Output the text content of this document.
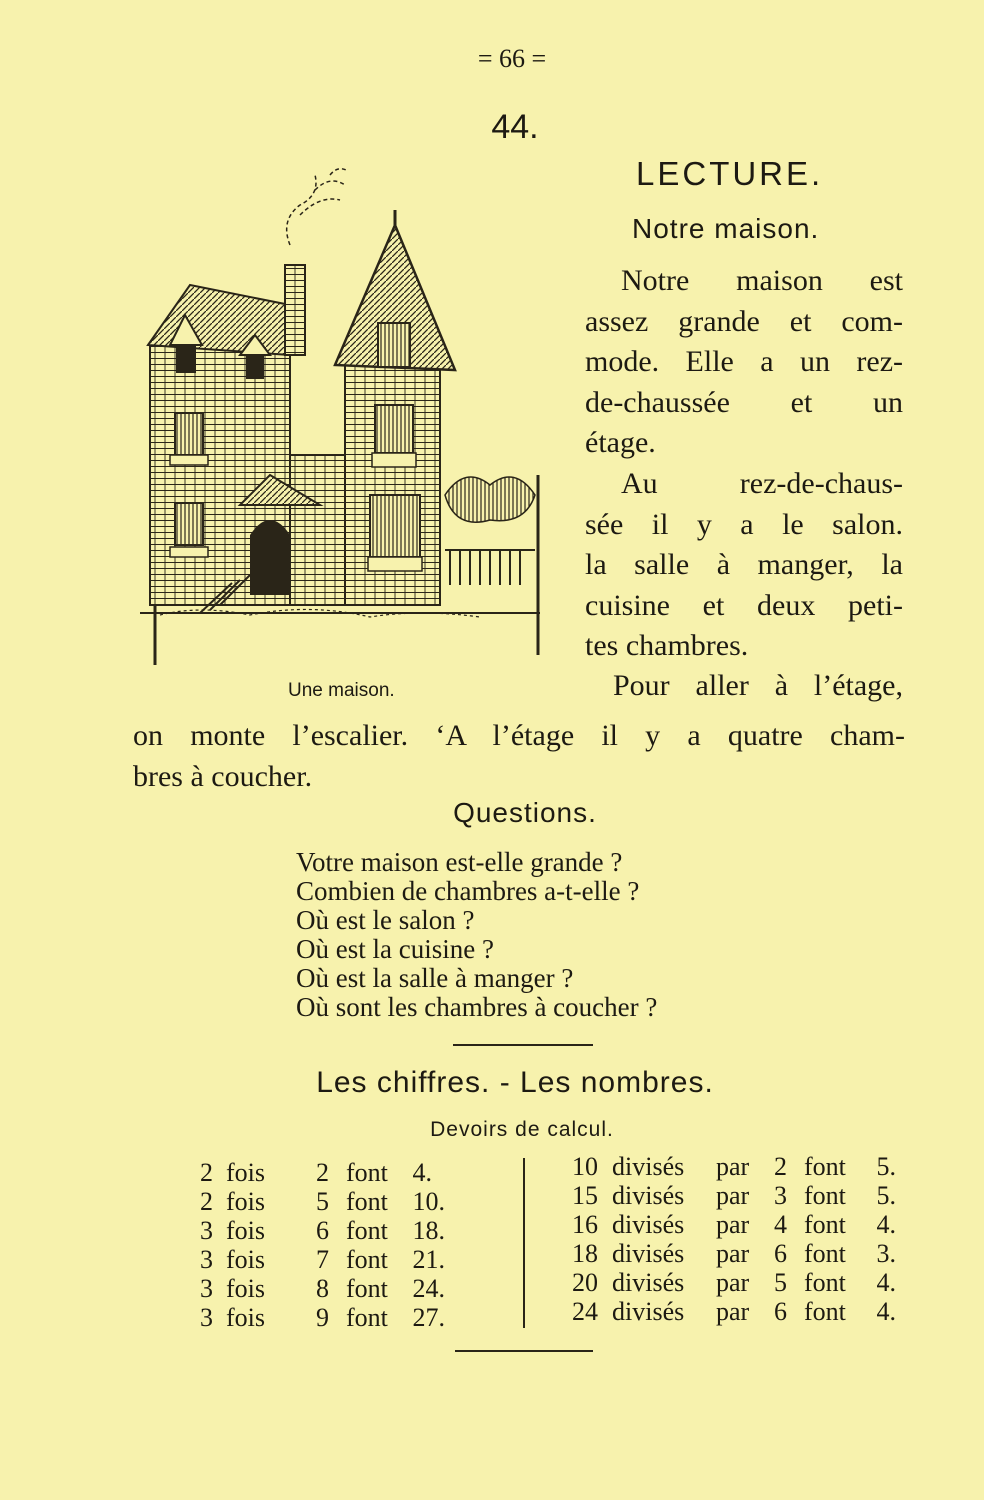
= 66 =
44.
Une maison.
LECTURE.
Notre maison.
Notre maison est
assez grande et com-
mode. Elle a un rez-
de-chaussée et un
étage.
Au rez-de-chaus-
sée il y a le salon.
la salle à manger, la
cuisine et deux peti-
tes chambres.
Pour aller à l’étage,
on monte l’escalier. ‘A l’étage il y a quatre cham-
bres à coucher.
Questions.
Votre maison est-elle grande ?
Combien de chambres a-t-elle ?
Où est le salon ?
Où est la cuisine ?
Où est la salle à manger ?
Où sont les chambres à coucher ?
Les chiffres. - Les nombres.
Devoirs de calcul.
2 fois 2 font 4.
2 fois 5 font 10.
3 fois 6 font 18.
3 fois 7 font 21.
3 fois 8 font 24.
3 fois 9 font 27.
10 divisés par 2 font 5.
15 divisés par 3 font 5.
16 divisés par 4 font 4.
18 divisés par 6 font 3.
20 divisés par 5 font 4.
24 divisés par 6 font 4.
